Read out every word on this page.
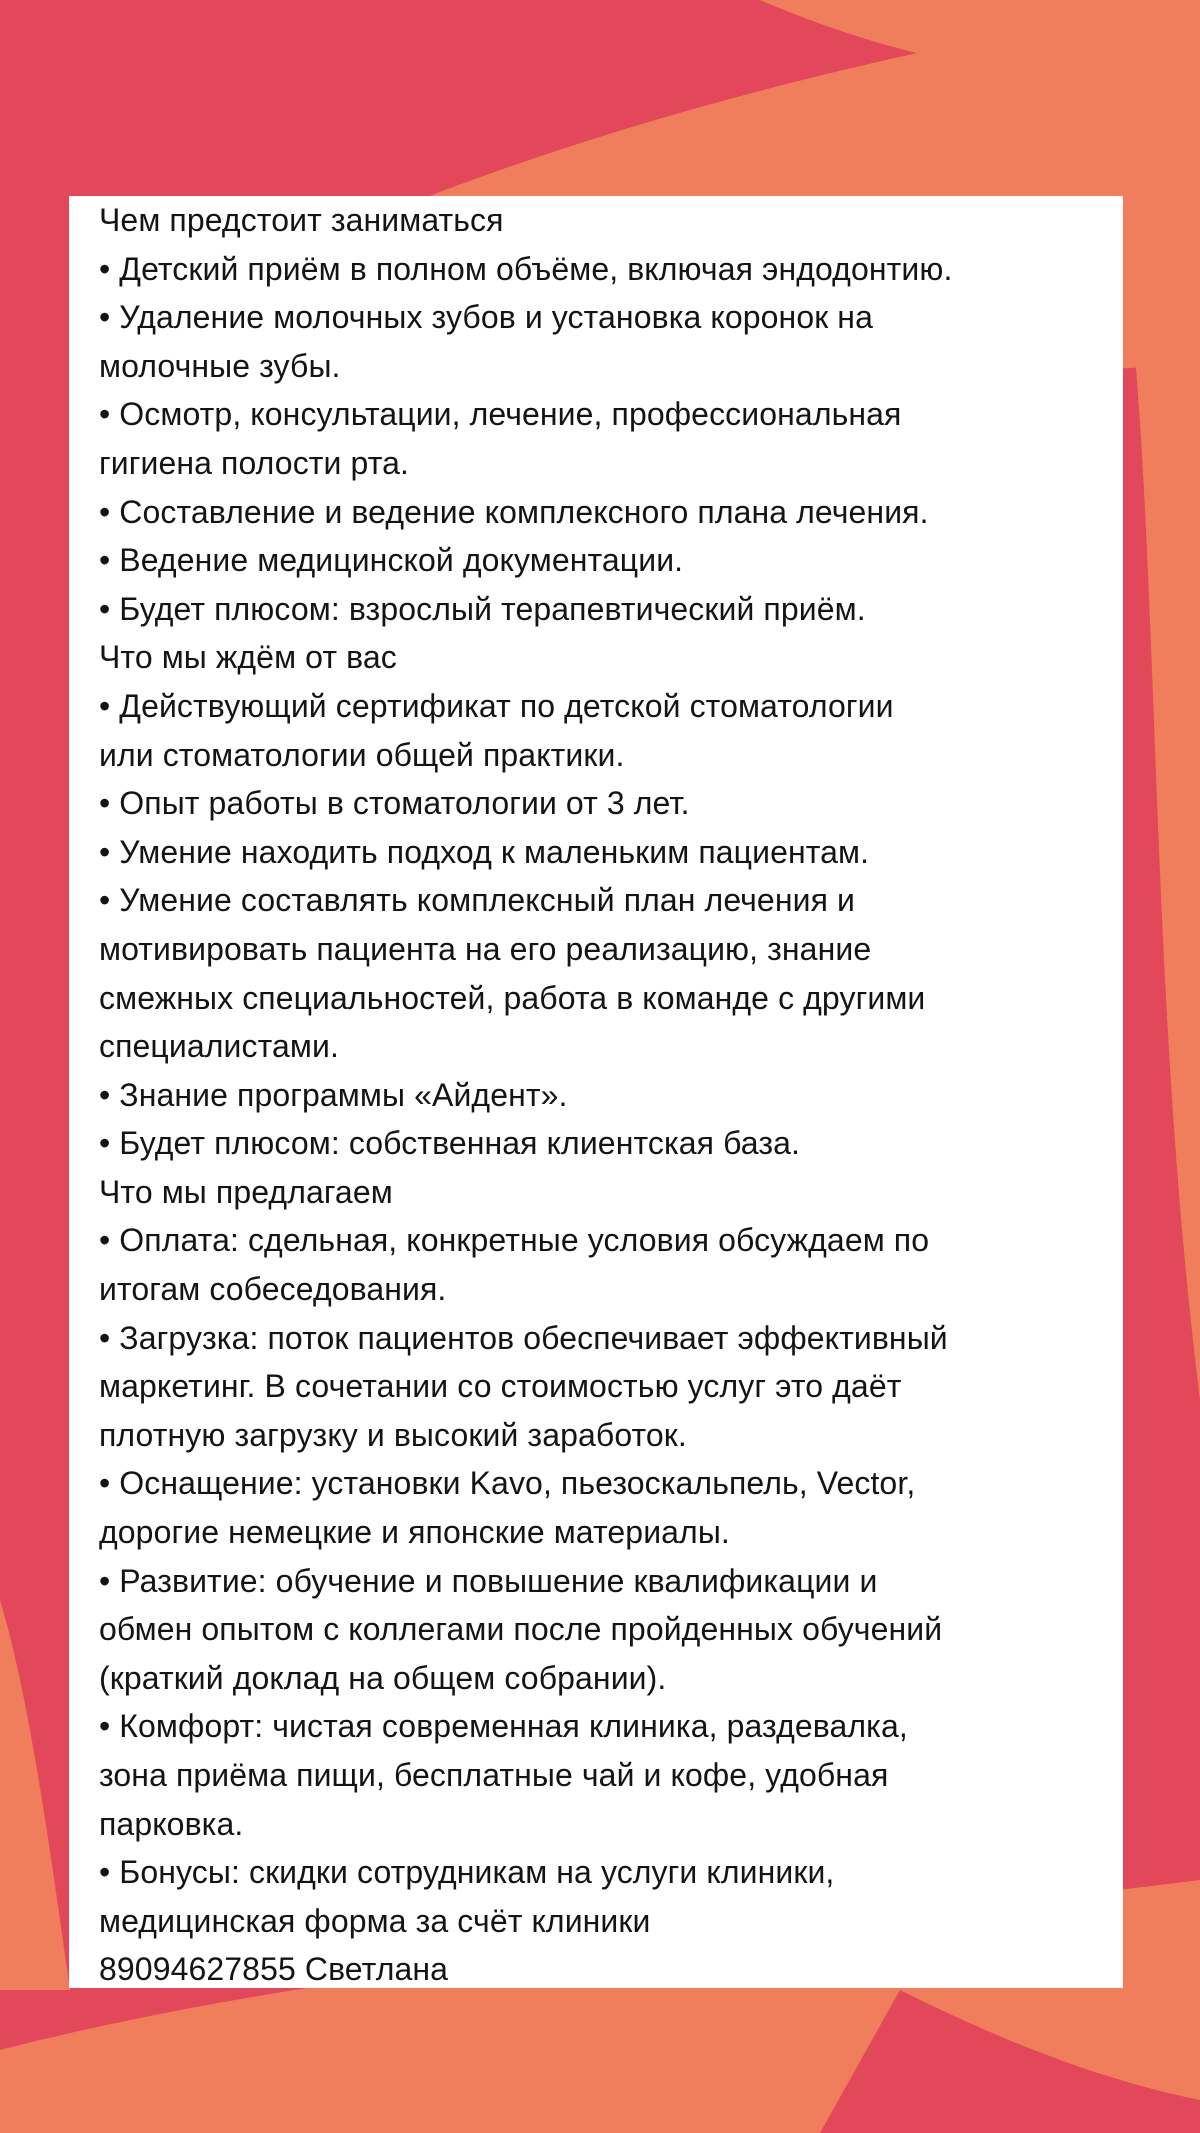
Чем предстоит заниматься
• Детский приём в полном объёме, включая эндодонтию.
• Удаление молочных зубов и установка коронок на
молочные зубы.
• Осмотр, консультации, лечение, профессиональная
гигиена полости рта.
• Составление и ведение комплексного плана лечения.
• Ведение медицинской документации.
• Будет плюсом: взрослый терапевтический приём.
Что мы ждём от вас
• Действующий сертификат по детской стоматологии
или стоматологии общей практики.
• Опыт работы в стоматологии от 3 лет.
• Умение находить подход к маленьким пациентам.
• Умение составлять комплексный план лечения и
мотивировать пациента на его реализацию, знание
смежных специальностей, работа в команде с другими
специалистами.
• Знание программы «Айдент».
• Будет плюсом: собственная клиентская база.
Что мы предлагаем
• Оплата: сдельная, конкретные условия обсуждаем по
итогам собеседования.
• Загрузка: поток пациентов обеспечивает эффективный
маркетинг. В сочетании со стоимостью услуг это даёт
плотную загрузку и высокий заработок.
• Оснащение: установки Kavo, пьезоскальпель, Vector,
дорогие немецкие и японские материалы.
• Развитие: обучение и повышение квалификации и
обмен опытом с коллегами после пройденных обучений
(краткий доклад на общем собрании).
• Комфорт: чистая современная клиника, раздевалка,
зона приёма пищи, бесплатные чай и кофе, удобная
парковка.
• Бонусы: скидки сотрудникам на услуги клиники,
медицинская форма за счёт клиники
89094627855 Светлана
